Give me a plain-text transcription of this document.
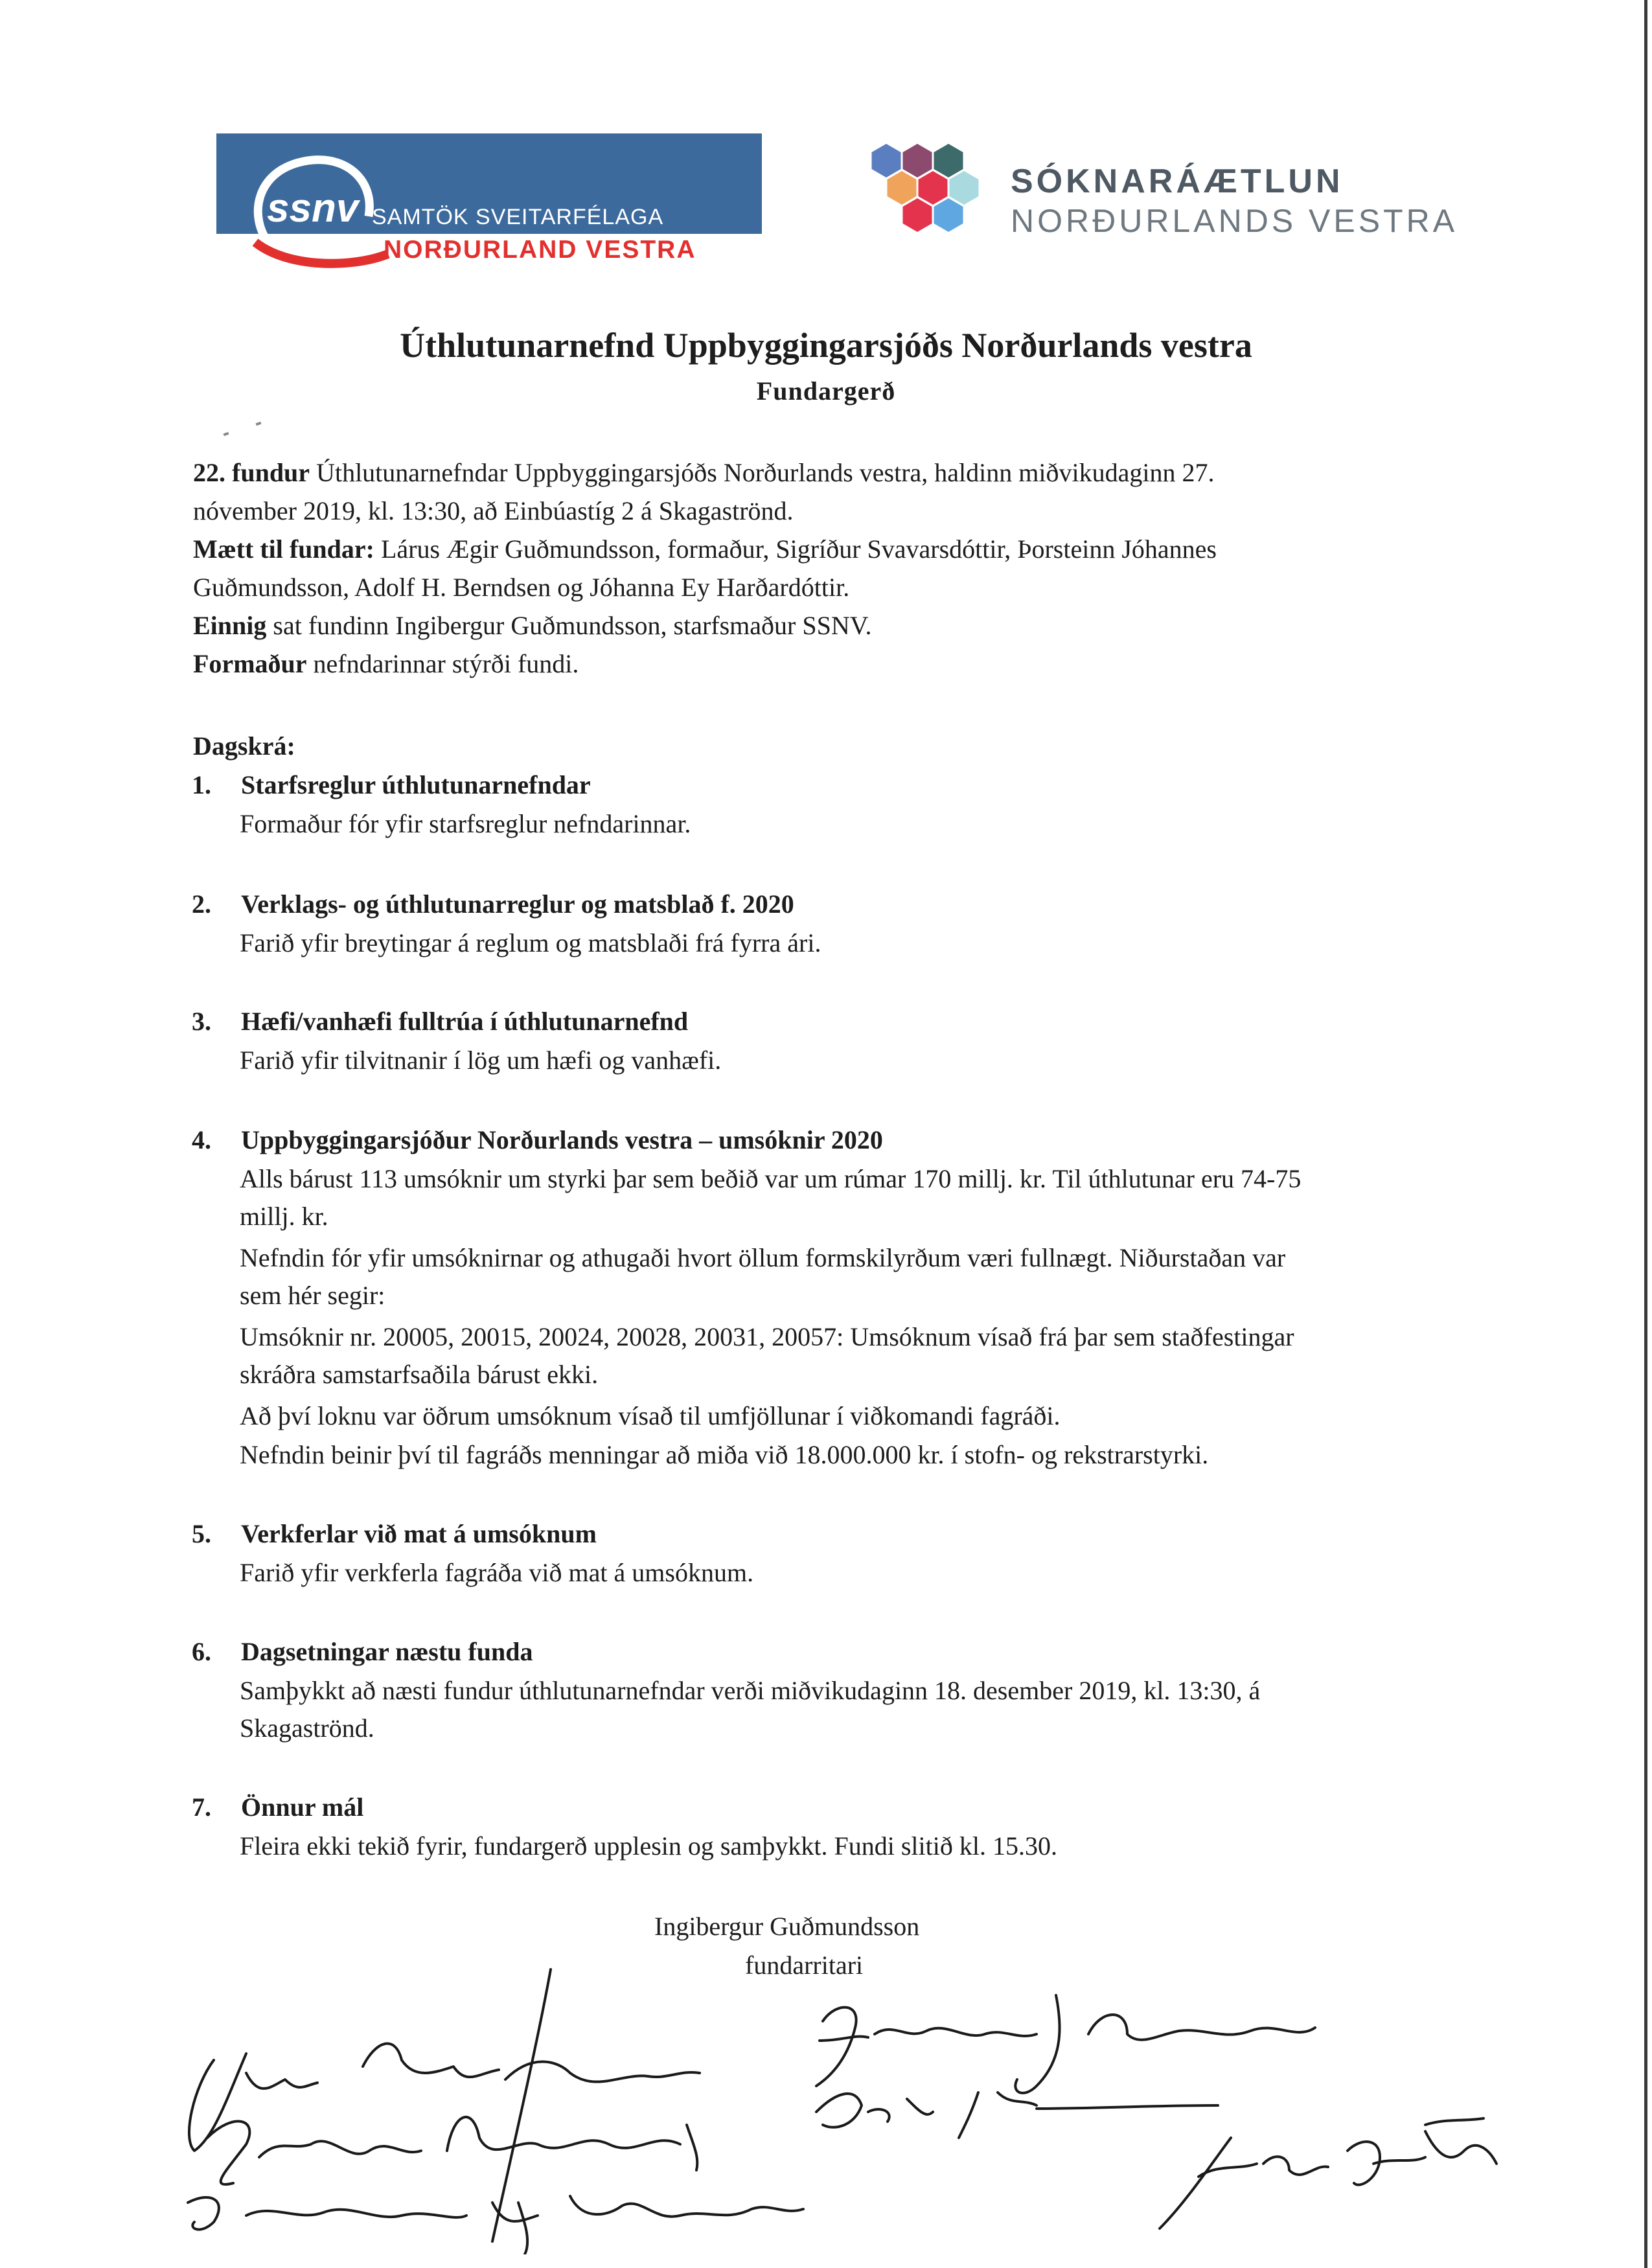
ssnv SAMTÖK SVEITARFÉLAGA
NORÐURLAND VESTRA
SÓKNARÁÆTLUN
NORÐURLANDS VESTRA
Úthlutunarnefnd Uppbyggingarsjóðs Norðurlands vestra
Fundargerð
22. fundur Úthlutunarnefndar Uppbyggingarsjóðs Norðurlands vestra, haldinn miðvikudaginn 27.
nóvember 2019, kl. 13:30, að Einbúastíg 2 á Skagaströnd.
Mætt til fundar: Lárus Ægir Guðmundsson, formaður, Sigríður Svavarsdóttir, Þorsteinn Jóhannes
Guðmundsson, Adolf H. Berndsen og Jóhanna Ey Harðardóttir.
Einnig sat fundinn Ingibergur Guðmundsson, starfsmaður SSNV.
Formaður nefndarinnar stýrði fundi.
Dagskrá:
1. Starfsreglur úthlutunarnefndar
Formaður fór yfir starfsreglur nefndarinnar.
2. Verklags- og úthlutunarreglur og matsblað f. 2020
Farið yfir breytingar á reglum og matsblaði frá fyrra ári.
3. Hæfi/vanhæfi fulltrúa í úthlutunarnefnd
Farið yfir tilvitnanir í lög um hæfi og vanhæfi.
4. Uppbyggingarsjóður Norðurlands vestra – umsóknir 2020
Alls bárust 113 umsóknir um styrki þar sem beðið var um rúmar 170 millj. kr. Til úthlutunar eru 74-75
millj. kr.
Nefndin fór yfir umsóknirnar og athugaði hvort öllum formskilyrðum væri fullnægt. Niðurstaðan var
sem hér segir:
Umsóknir nr. 20005, 20015, 20024, 20028, 20031, 20057: Umsóknum vísað frá þar sem staðfestingar
skráðra samstarfsaðila bárust ekki.
Að því loknu var öðrum umsóknum vísað til umfjöllunar í viðkomandi fagráði.
Nefndin beinir því til fagráðs menningar að miða við 18.000.000 kr. í stofn- og rekstrarstyrki.
5. Verkferlar við mat á umsóknum
Farið yfir verkferla fagráða við mat á umsóknum.
6. Dagsetningar næstu funda
Samþykkt að næsti fundur úthlutunarnefndar verði miðvikudaginn 18. desember 2019, kl. 13:30, á
Skagaströnd.
7. Önnur mál
Fleira ekki tekið fyrir, fundargerð upplesin og samþykkt. Fundi slitið kl. 15.30.
Ingibergur Guðmundsson
fundarritari
